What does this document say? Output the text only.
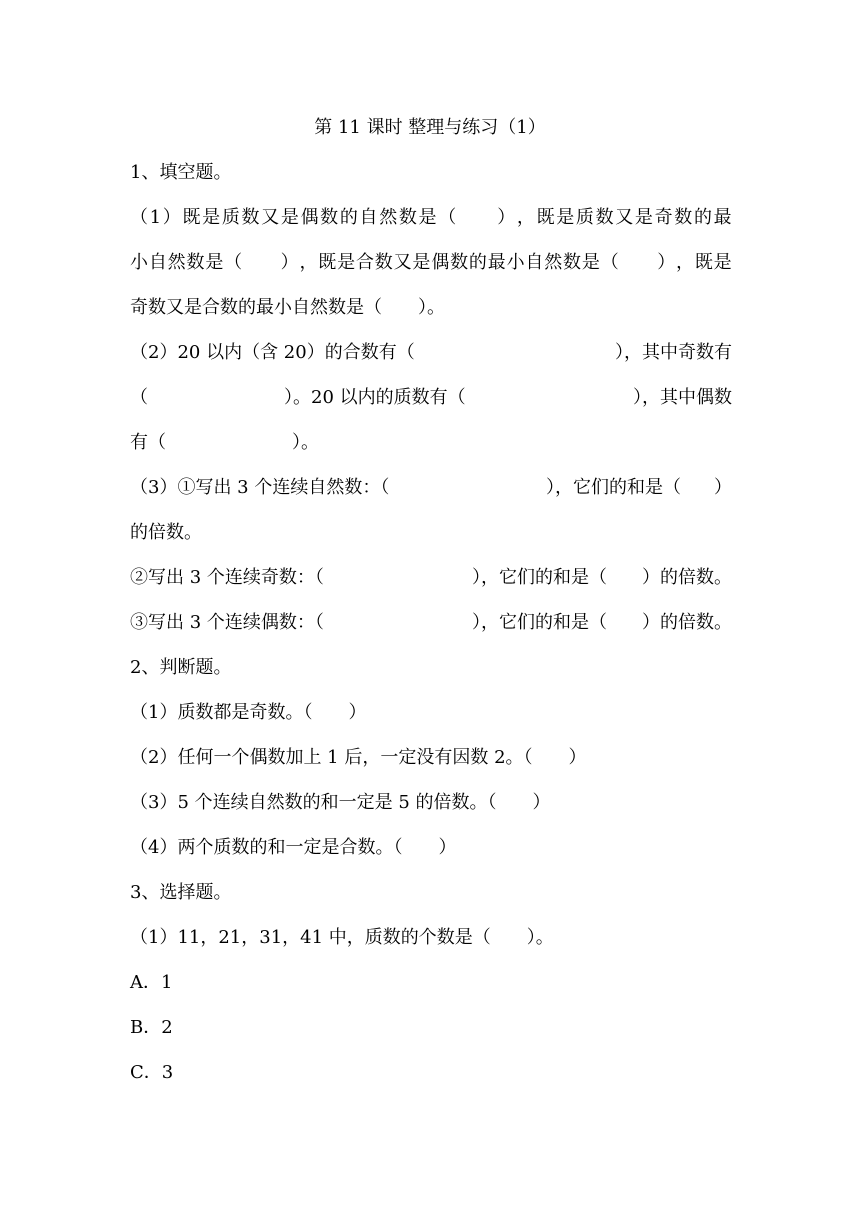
第 11 课时 整理与练习（1）
1、填空题。
（ 1 ） 既 是 质 数 又 是 偶 数 的 自 然 数 是 （

　 ） ， 既 是 质 数 又 是 奇 数 的 最
小 自 然 数 是 （

　 ） ， 既 是 合 数 又 是 偶 数 的 最 小 自 然 数 是 （

　 ） ， 既 是
奇数又是合数的最小自然数是（　　）。
（2）20 以内（含 20）的合数有（	），其中奇数有
（	）。20 以内的质数有（	），其中偶数
有（　　　　　　　）。
（3）①写出 3 个连续自然数：（	），它们的和是（ ）
的倍数。
②写出 3 个连续奇数：（	），它们的和是（ ）的倍数。
③写出 3 个连续偶数：（	），它们的和是（ ）的倍数。
2、判断题。
（1）质数都是奇数。（　　）
（2）任何一个偶数加上 1 后，一定没有因数 2。（　　）
（3）5 个连续自然数的和一定是 5 的倍数。（　　）
（4）两个质数的和一定是合数。（　　）
3、选择题。
（1）11，21，31，41 中，质数的个数是（　　）。
A．1
B．2
C．3
